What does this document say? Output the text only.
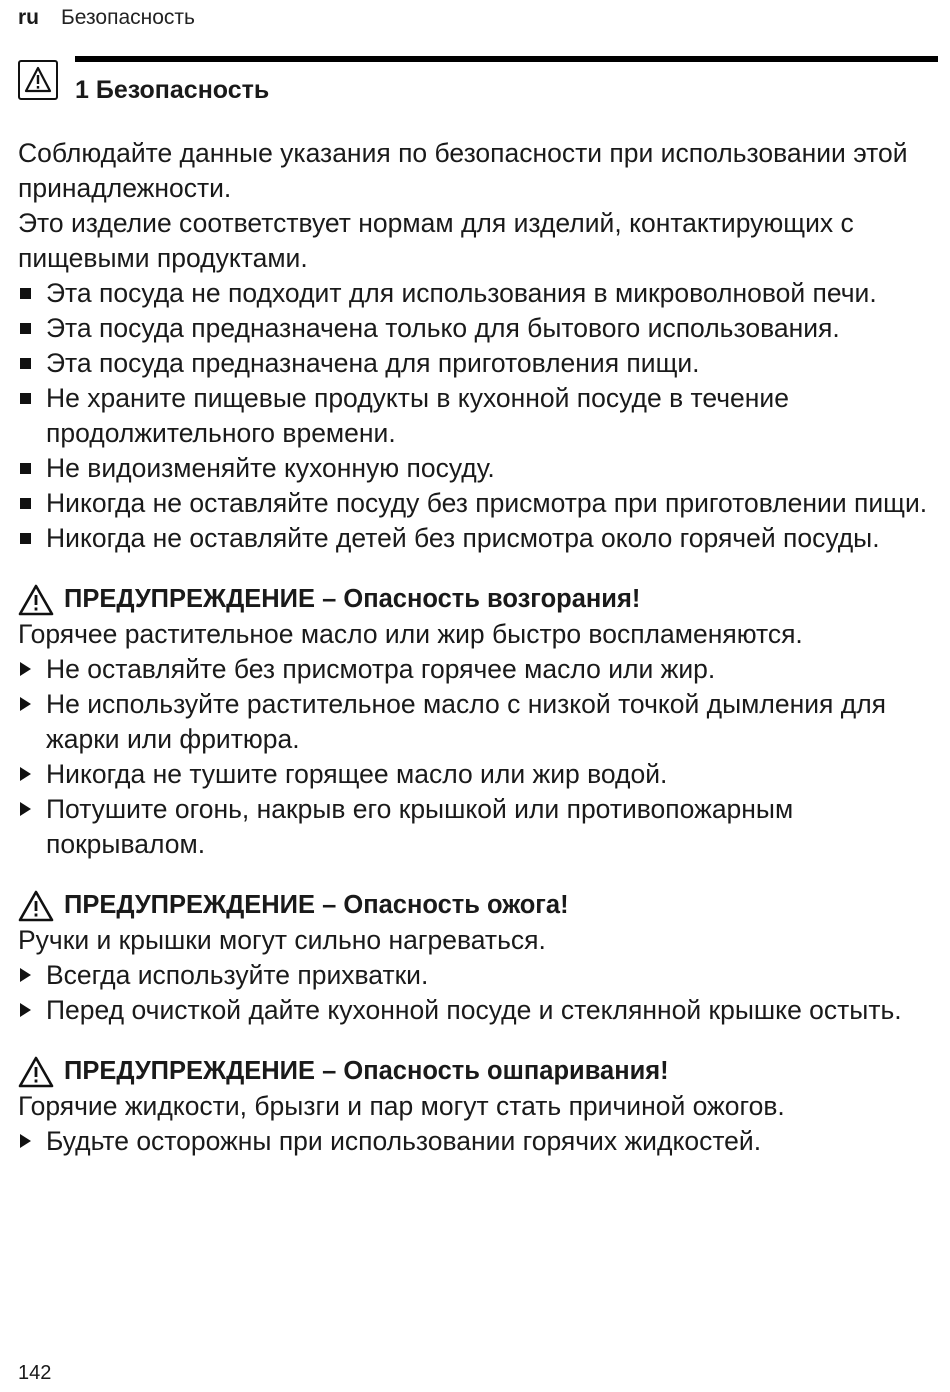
ru Безопасность
1 Безопасность

Соблюдайте данные указания по безопасности при использовании этой принадлежности.

Это изделие соответствует нормам для изделий, контактирующих с пищевыми продуктами.

Эта посуда не подходит для использования в микроволновой печи.
Эта посуда предназначена только для бытового использования.
Эта посуда предназначена для приготовления пищи.
Не храните пищевые продукты в кухонной посуде в течение продолжительного времени.
Не видоизменяйте кухонную посуду.
Никогда не оставляйте посуду без присмотра при приготовлении пищи.
Никогда не оставляйте детей без присмотра около горячей посуды.
ПРЕДУПРЕЖДЕНИЕ – Опасность возгорания!

Горячее растительное масло или жир быстро воспламеняются.

Не оставляйте без присмотра горячее масло или жир.
Не используйте растительное масло с низкой точкой дымления для жарки или фритюра.
Никогда не тушите горящее масло или жир водой.
Потушите огонь, накрыв его крышкой или противопожарным покрывалом.
ПРЕДУПРЕЖДЕНИЕ – Опасность ожога!

Ручки и крышки могут сильно нагреваться.

Всегда используйте прихватки.
Перед очисткой дайте кухонной посуде и стеклянной крышке остыть.
ПРЕДУПРЕЖДЕНИЕ – Опасность ошпаривания!

Горячие жидкости, брызги и пар могут стать причиной ожогов.

Будьте осторожны при использовании горячих жидкостей.
142
